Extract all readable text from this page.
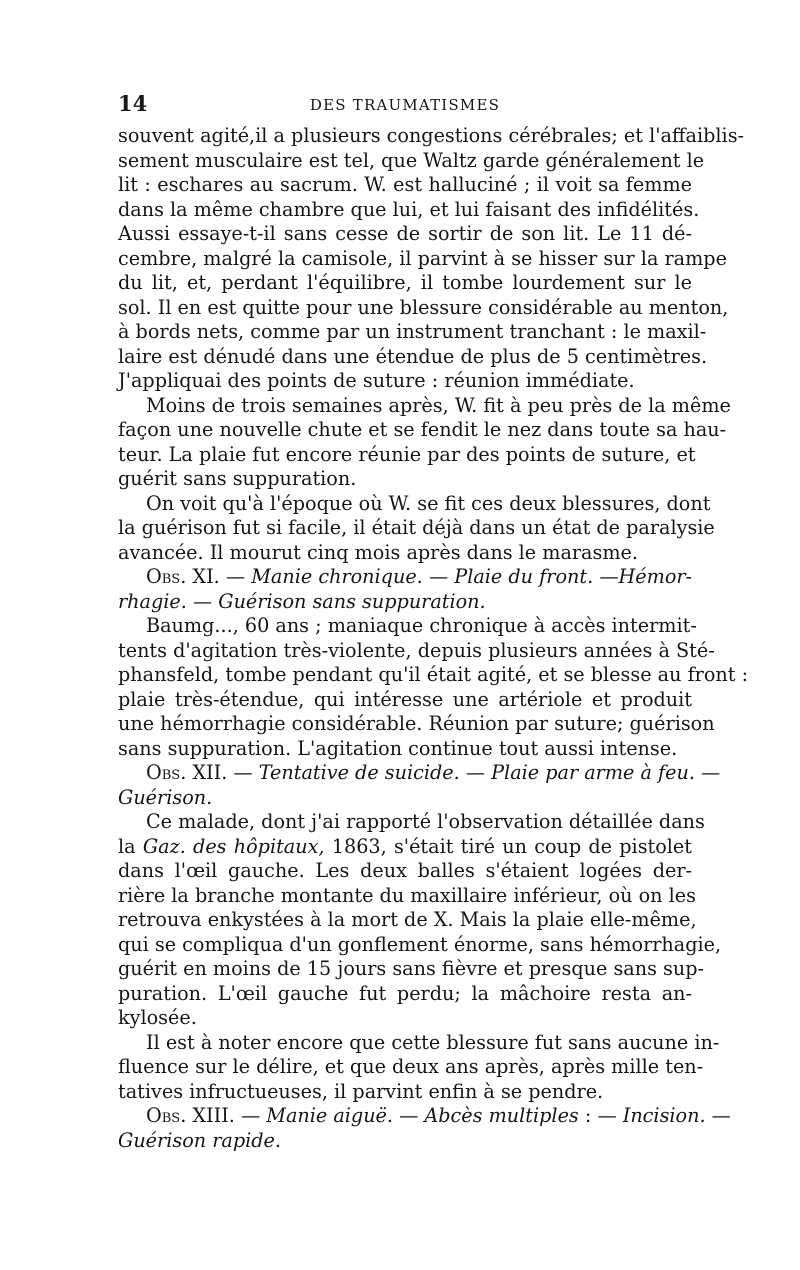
14	DES TRAUMATISMES
souvent agité,il a plusieurs congestions cérébrales; et l'affaiblis-
sement musculaire est tel, que Waltz garde généralement le
lit : eschares au sacrum. W. est halluciné ; il voit sa femme
dans la même chambre que lui, et lui faisant des infidélités.
Aussi essaye-t-il sans cesse de sortir de son lit. Le 11 dé-
cembre, malgré la camisole, il parvint à se hisser sur la rampe
du lit, et, perdant l'équilibre, il tombe lourdement sur le
sol. Il en est quitte pour une blessure considérable au menton,
à bords nets, comme par un instrument tranchant : le maxil-
laire est dénudé dans une étendue de plus de 5 centimètres.
J'appliquai des points de suture : réunion immédiate.
Moins de trois semaines après, W. fit à peu près de la même
façon une nouvelle chute et se fendit le nez dans toute sa hau-
teur. La plaie fut encore réunie par des points de suture, et
guérit sans suppuration.
On voit qu'à l'époque où W. se fit ces deux blessures, dont
la guérison fut si facile, il était déjà dans un état de paralysie
avancée. Il mourut cinq mois après dans le marasme.
Obs. XI. — Manie chronique. — Plaie du front. —Hémor-
rhagie. — Guérison sans suppuration.
Baumg..., 60 ans ; maniaque chronique à accès intermit-
tents d'agitation très-violente, depuis plusieurs années à Sté-
phansfeld, tombe pendant qu'il était agité, et se blesse au front :
plaie très-étendue, qui intéresse une artériole et produit
une hémorrhagie considérable. Réunion par suture; guérison
sans suppuration. L'agitation continue tout aussi intense.
Obs. XII. — Tentative de suicide. — Plaie par arme à feu. —
Guérison.
Ce malade, dont j'ai rapporté l'observation détaillée dans
la Gaz. des hôpitaux, 1863, s'était tiré un coup de pistolet
dans l'œil gauche. Les deux balles s'étaient logées der-
rière la branche montante du maxillaire inférieur, où on les
retrouva enkystées à la mort de X. Mais la plaie elle-même,
qui se compliqua d'un gonflement énorme, sans hémorrhagie,
guérit en moins de 15 jours sans fièvre et presque sans sup-
puration. L'œil gauche fut perdu; la mâchoire resta an-
kylosée.
Il est à noter encore que cette blessure fut sans aucune in-
fluence sur le délire, et que deux ans après, après mille ten-
tatives infructueuses, il parvint enfin à se pendre.
Obs. XIII. — Manie aiguë. — Abcès multiples : — Incision. —
Guérison rapide.
